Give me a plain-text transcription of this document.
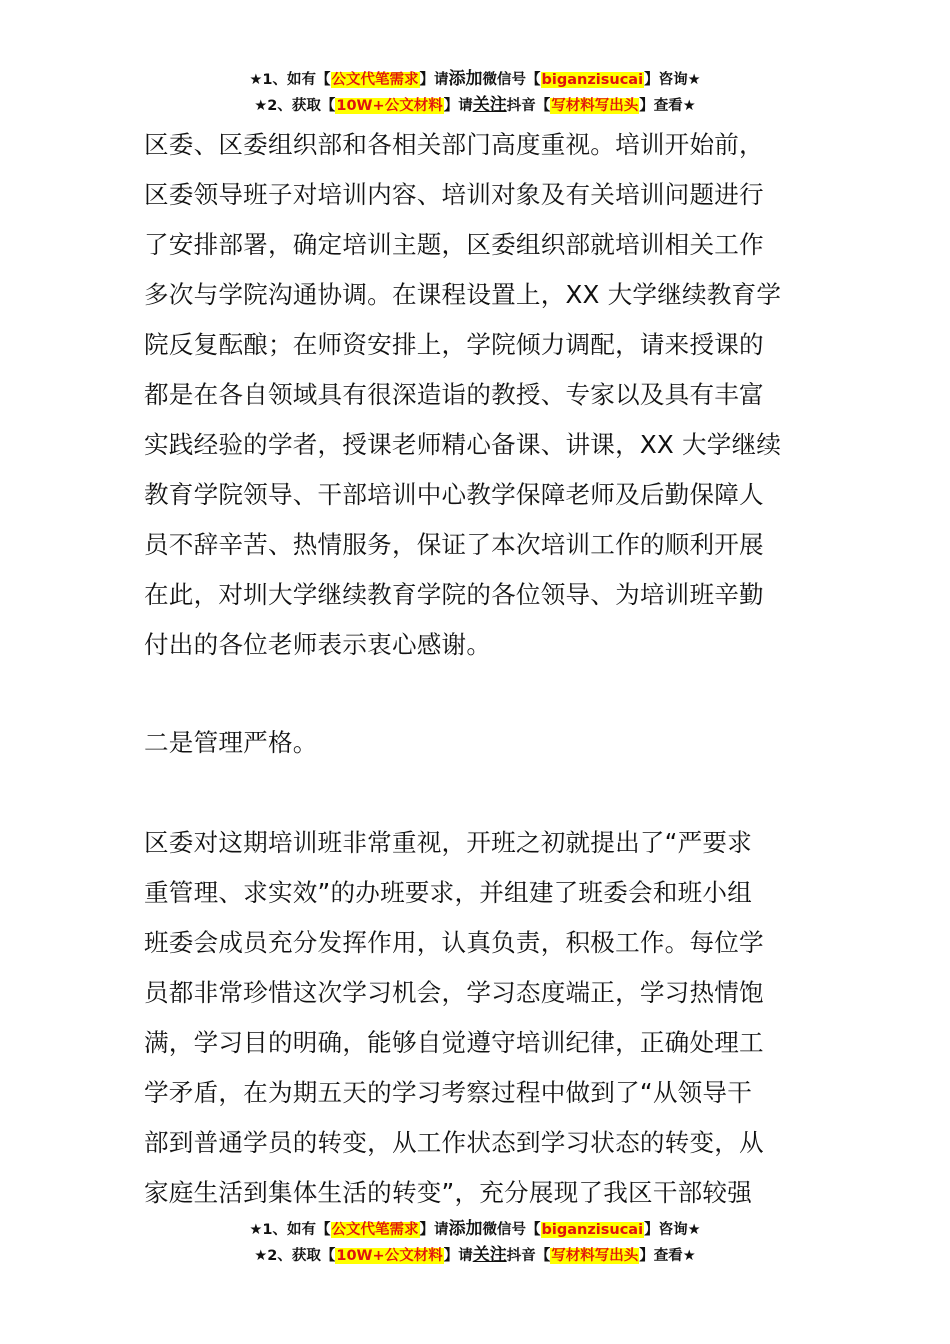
★1、如有【公文代笔需求】请添加微信号【biganzisucai】咨询★
★2、获取【10W+公文材料】请关注抖音【写材料写出头】查看★
区委、区委组织部和各相关部门高度重视。培训开始前，
区委领导班子对培训内容、培训对象及有关培训问题进行
了安排部署，确定培训主题，区委组织部就培训相关工作
多次与学院沟通协调。在课程设置上，XX 大学继续教育学
院反复酝酿；在师资安排上，学院倾力调配，请来授课的
都是在各自领域具有很深造诣的教授、专家以及具有丰富
实践经验的学者，授课老师精心备课、讲课，XX 大学继续
教育学院领导、干部培训中心教学保障老师及后勤保障人
员不辞辛苦、热情服务，保证了本次培训工作的顺利开展
在此，对圳大学继续教育学院的各位领导、为培训班辛勤
付出的各位老师表示衷心感谢。
二是管理严格。
区委对这期培训班非常重视，开班之初就提出了“严要求
重管理、求实效”的办班要求，并组建了班委会和班小组
班委会成员充分发挥作用，认真负责，积极工作。每位学
员都非常珍惜这次学习机会，学习态度端正，学习热情饱
满，学习目的明确，能够自觉遵守培训纪律，正确处理工
学矛盾，在为期五天的学习考察过程中做到了“从领导干
部到普通学员的转变，从工作状态到学习状态的转变，从
家庭生活到集体生活的转变”，充分展现了我区干部较强
★1、如有【公文代笔需求】请添加微信号【biganzisucai】咨询★
★2、获取【10W+公文材料】请关注抖音【写材料写出头】查看★
